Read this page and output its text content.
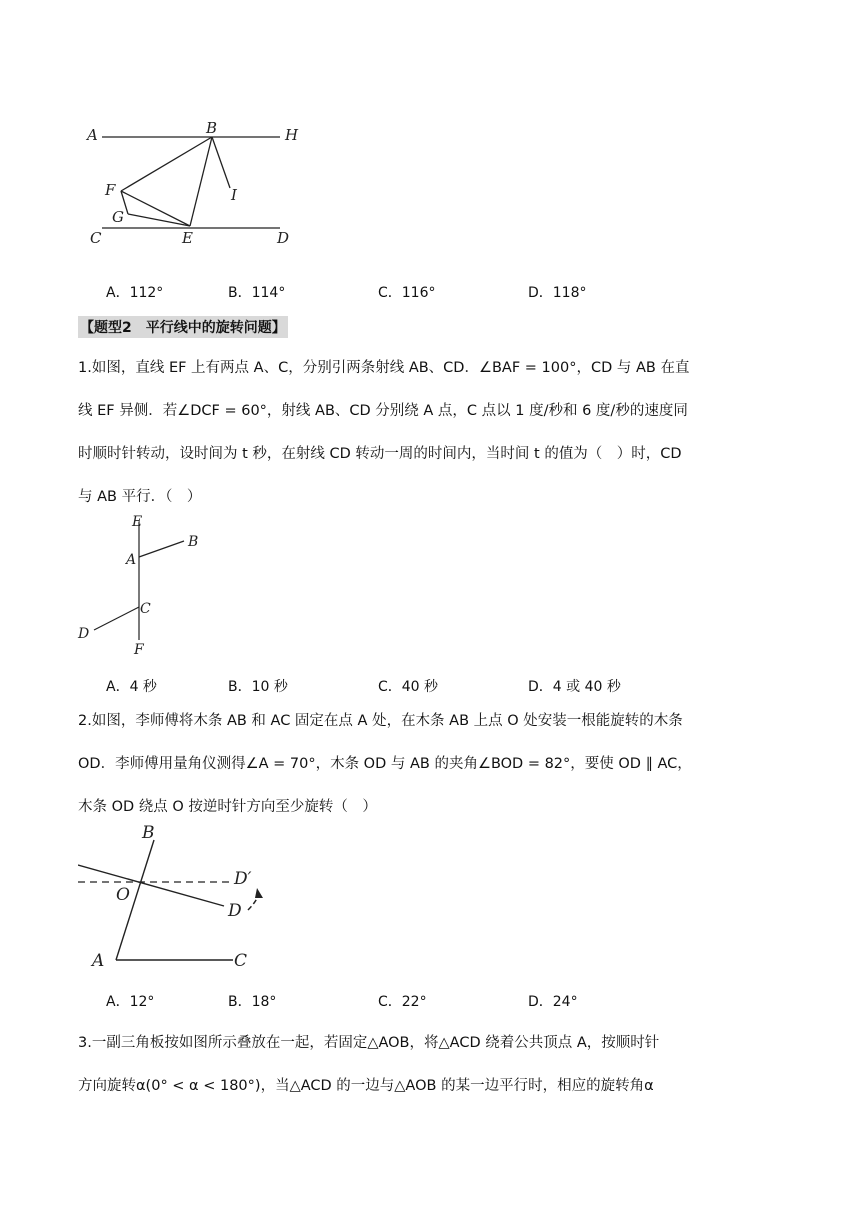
A	B	H
F	I
G
C	E	D
A．112°	B．114°	C．116°	D．118°
【题型2　平行线中的旋转问题】
1.如图，直线 EF 上有两点 A、C，分别引两条射线 AB、CD．∠BAF = 100°，CD 与 AB 在直
线 EF 异侧．若∠DCF = 60°，射线 AB、CD 分别绕 A 点，C 点以 1 度/秒和 6 度/秒的速度同
时顺时针转动，设时间为 t 秒，在射线 CD 转动一周的时间内，当时间 t 的值为（　）时，CD
与 AB 平行．（　）
E
A
B
C
D
F
A．4 秒	B．10 秒	C．40 秒	D．4 或 40 秒
2.如图，李师傅将木条 AB 和 AC 固定在点 A 处，在木条 AB 上点 O 处安装一根能旋转的木条
OD．李师傅用量角仪测得∠A = 70°，木条 OD 与 AB 的夹角∠BOD = 82°，要使 OD ∥ AC，
木条 OD 绕点 O 按逆时针方向至少旋转（　）
B
O
D′
D
A	C
A．12°	B．18°	C．22°	D．24°
3.一副三角板按如图所示叠放在一起，若固定△AOB，将△ACD 绕着公共顶点 A，按顺时针
方向旋转α(0° < α < 180°)，当△ACD 的一边与△AOB 的某一边平行时，相应的旋转角α
